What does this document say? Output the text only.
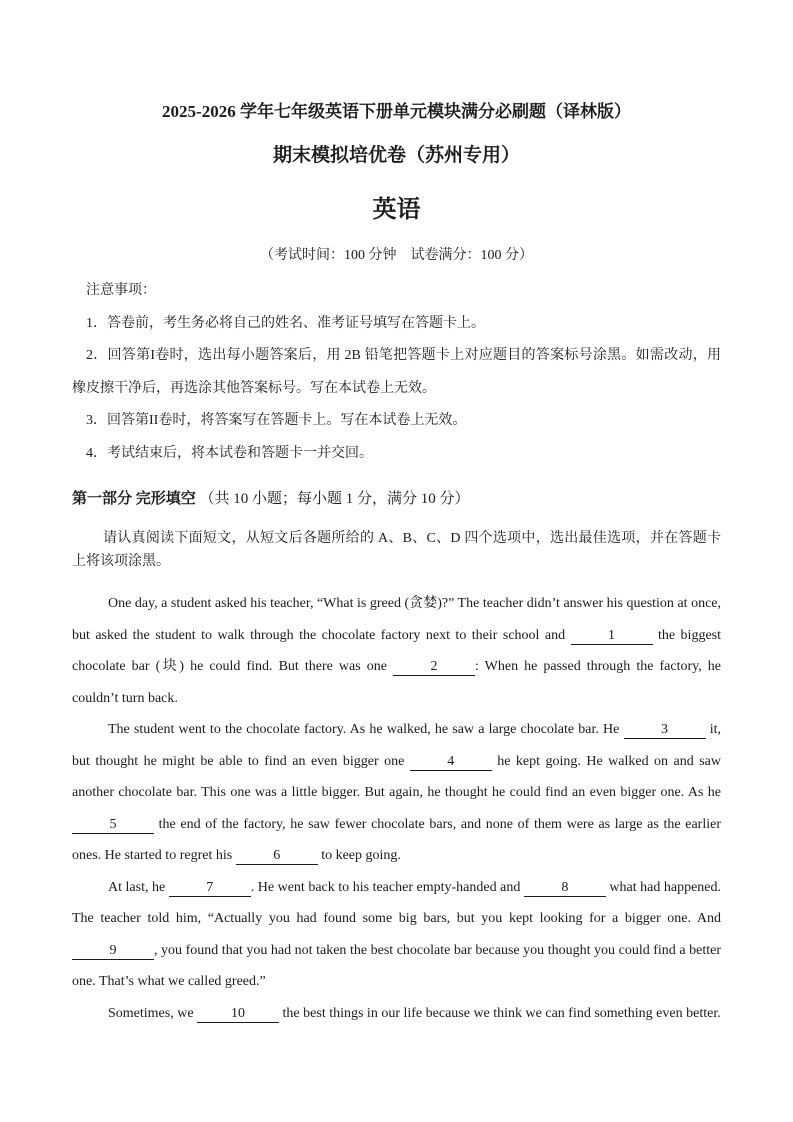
2025-2026 学年七年级英语下册单元模块满分必刷题（译林版）
期末模拟培优卷（苏州专用）
英语
（考试时间：100 分钟　试卷满分：100 分）

注意事项：

1．答卷前，考生务必将自己的姓名、准考证号填写在答题卡上。

2．回答第I卷时，选出每小题答案后，用 2B 铅笔把答题卡上对应题目的答案标号涂黑。如需改动，用橡皮擦干净后，再选涂其他答案标号。写在本试卷上无效。

3．回答第II卷时，将答案写在答题卡上。写在本试卷上无效。

4．考试结束后，将本试卷和答题卡一并交回。

第一部分 完形填空 （共 10 小题；每小题 1 分，满分 10 分）

请认真阅读下面短文，从短文后各题所给的 A、B、C、D 四个选项中，选出最佳选项，并在答题卡上将该项涂黑。

One day, a student asked his teacher, “What is greed (贪婪)?” The teacher didn’t answer his question at once, but asked the student to walk through the chocolate factory next to their school and	1	the biggest chocolate bar (块) he could find. But there was one	2	: When he passed through the factory, he couldn’t turn back.

The student went to the chocolate factory. As he walked, he saw a large chocolate bar. He	3	it, but thought he might be able to find an even bigger one	4	he kept going. He walked on and saw another chocolate bar. This one was a little bigger. But again, he thought he could find an even bigger one. As he 5	the end of the factory, he saw fewer chocolate bars, and none of them were as large as the earlier ones. He started to regret his	6	to keep going.

At last, he	7	. He went back to his teacher empty-handed and	8	what had happened. The teacher told him, “Actually you had found some big bars, but you kept looking for a bigger one. And 9	, you found that you had not taken the best chocolate bar because you thought you could find a better one. That’s what we called greed.”

Sometimes, we 10 the best things in our life because we think we can find something even better.
